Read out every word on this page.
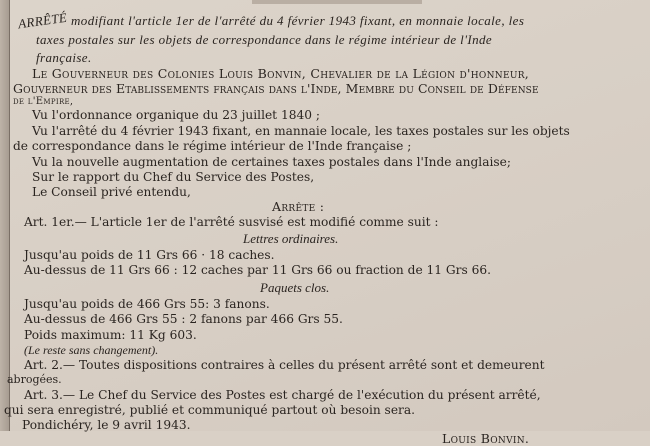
ARRÊTÉ modifiant l'article 1er de l'arrêté du 4 février 1943 fixant, en monnaie locale, les
taxes postales sur les objets de correspondance dans le régime intérieur de l'Inde
française.
Le Gouverneur des Colonies Louis Bonvin, Chevalier de la Légion d'honneur,
Gouverneur des Etablissements français dans l'Inde, Membre du Conseil de Défense
de l'Empire,
Vu l'ordonnance organique du 23 juillet 1840 ;
Vu l'arrêté du 4 février 1943 fixant, en mannaie locale, les taxes postales sur les objets
de correspondance dans le régime intérieur de l'Inde française ;
Vu la nouvelle augmentation de certaines taxes postales dans l'Inde anglaise;
Sur le rapport du Chef du Service des Postes,
Le Conseil privé entendu,
Arrête :
Art. 1er.— L'article 1er de l'arrêté susvisé est modifié comme suit :
Lettres ordinaires.
Jusqu'au poids de 11 Grs 66 · 18 caches.
Au-dessus de 11 Grs 66 : 12 caches par 11 Grs 66 ou fraction de 11 Grs 66.
Paquets clos.
Jusqu'au poids de 466 Grs 55: 3 fanons.
Au-dessus de 466 Grs 55 : 2 fanons par 466 Grs 55.
Poids maximum: 11 Kg 603.
(Le reste sans changement).
Art. 2.— Toutes dispositions contraires à celles du présent arrêté sont et demeurent
abrogées.
Art. 3.— Le Chef du Service des Postes est chargé de l'exécution du présent arrêté,
qui sera enregistré, publié et communiqué partout où besoin sera.
Pondichéry, le 9 avril 1943.
Louis Bonvin.
